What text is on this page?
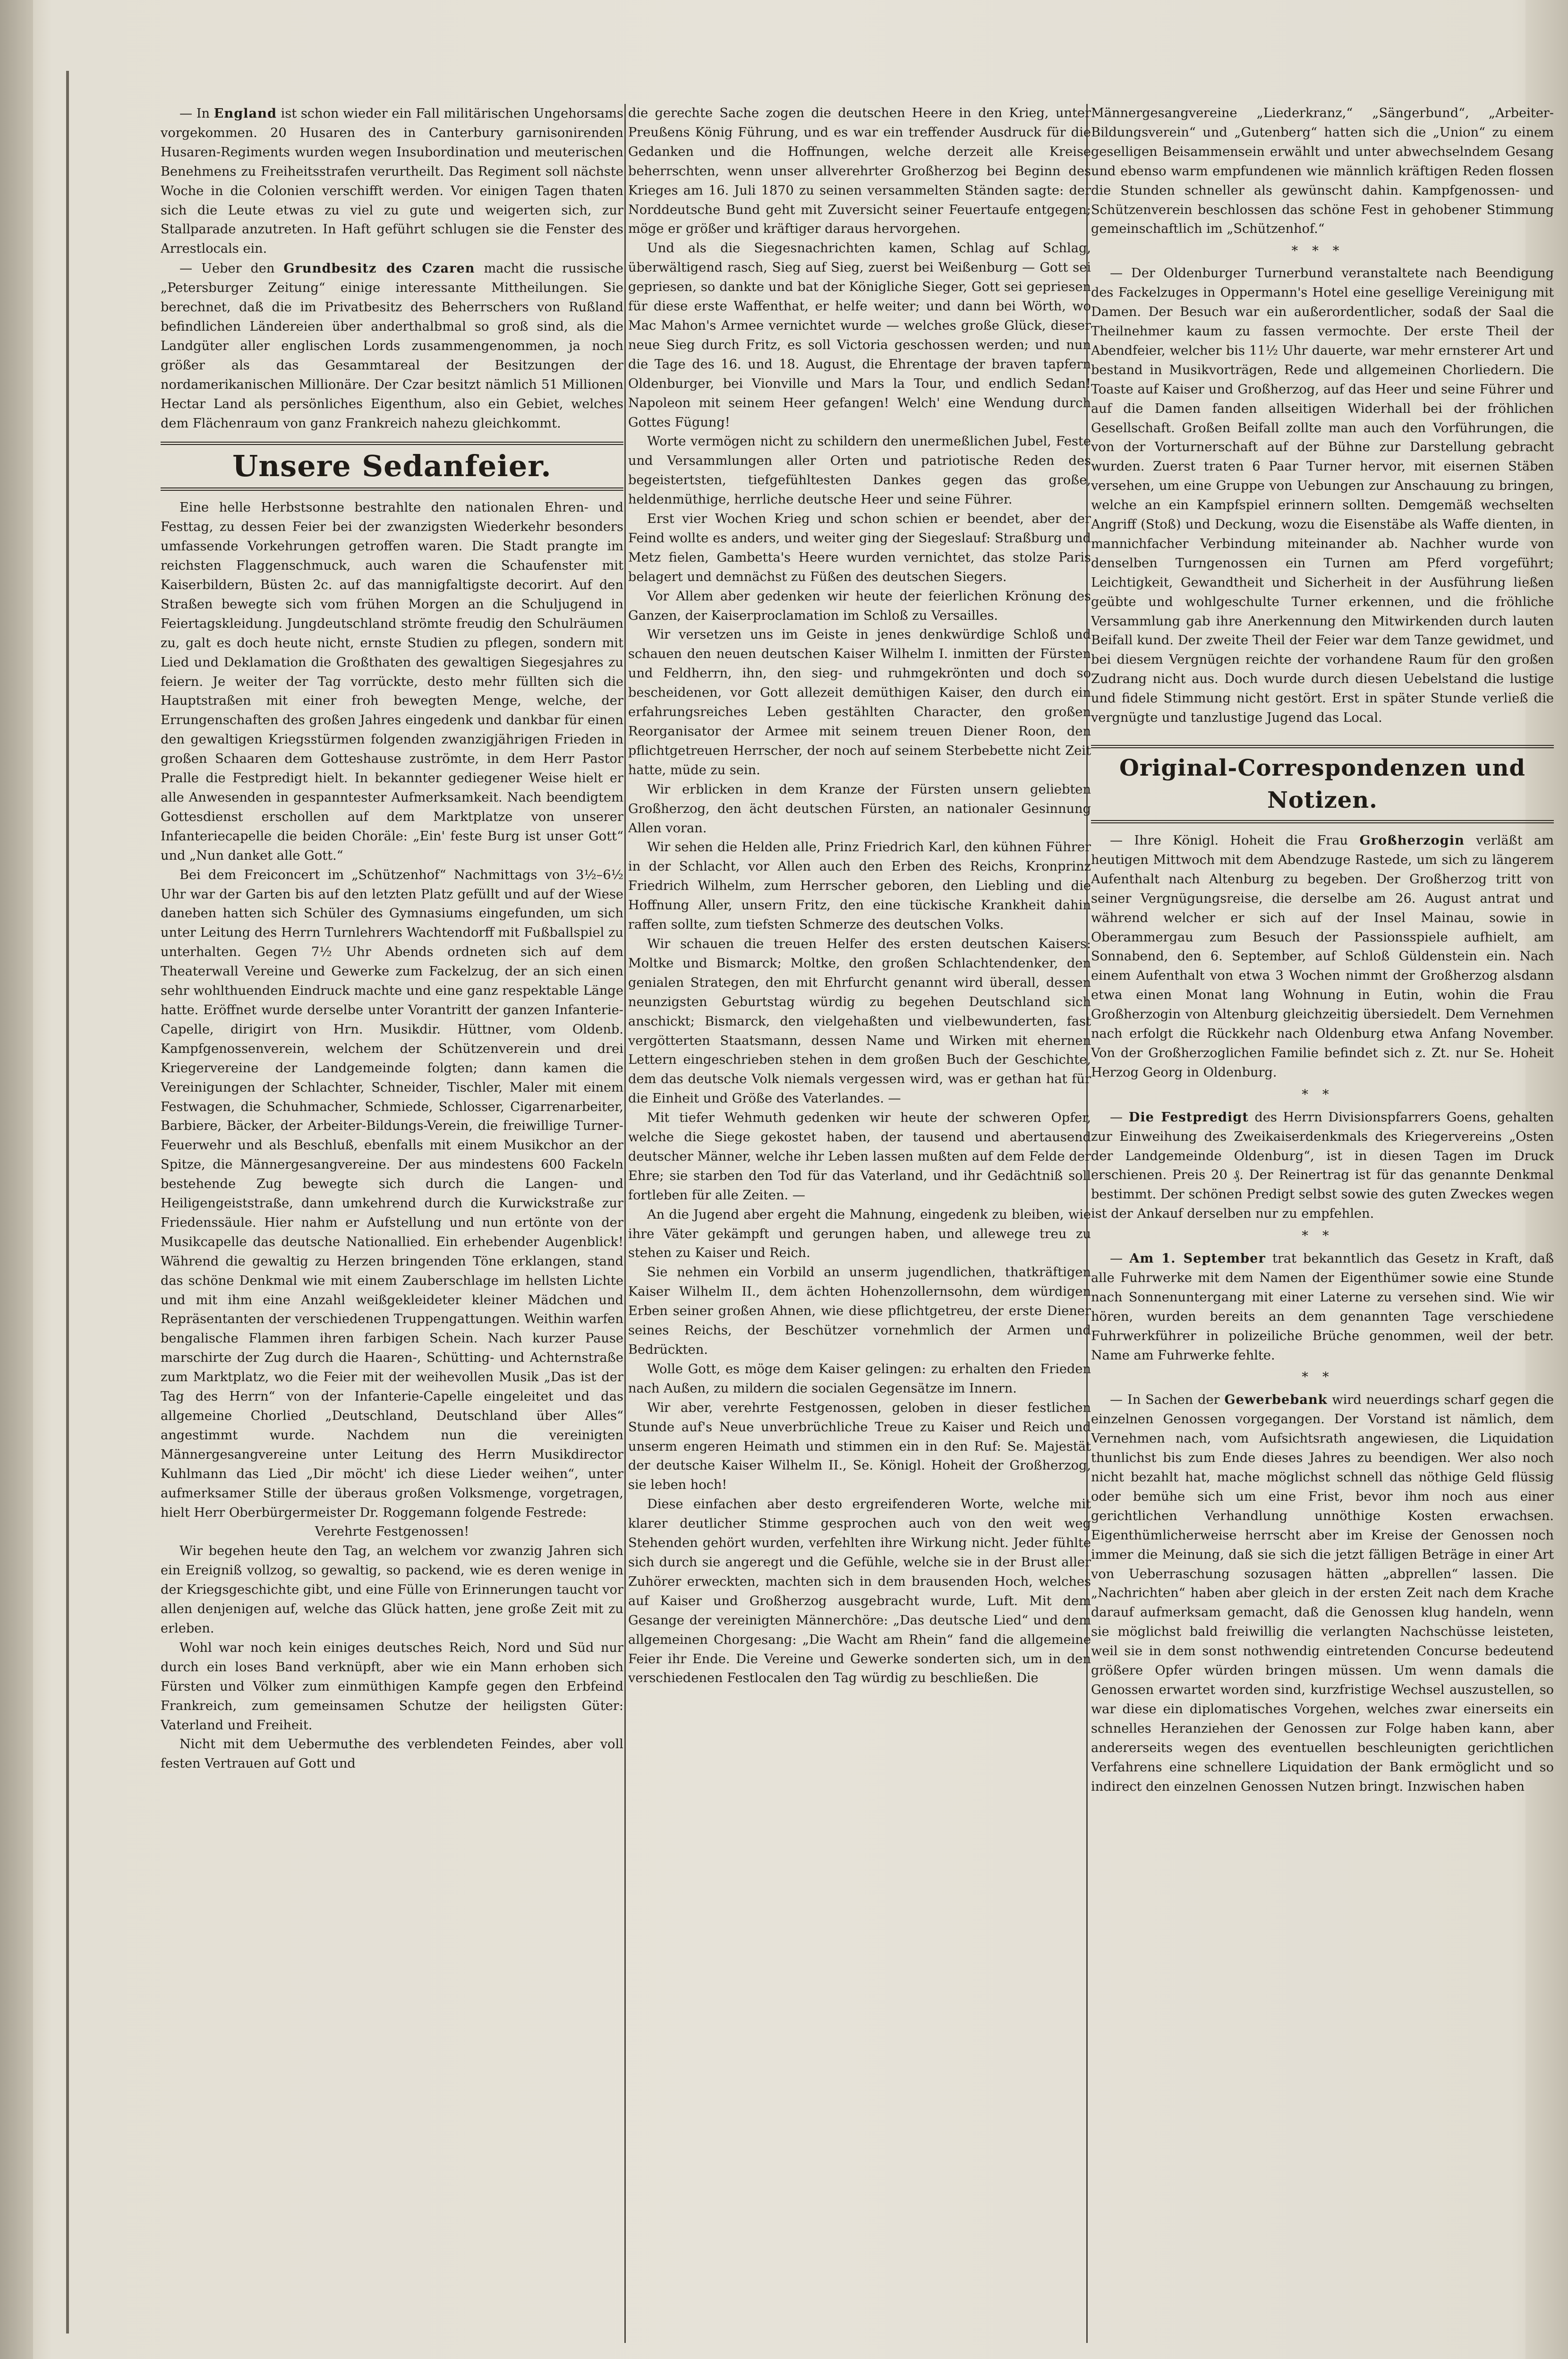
— In England ist schon wieder ein Fall militärischen Ungehorsams vorgekommen. 20 Husaren des in Canterbury garnisonirenden Husaren-Regiments wurden wegen Insubordination und meuterischen Benehmens zu Freiheitsstrafen verurtheilt. Das Regiment soll nächste Woche in die Colonien verschifft werden. Vor einigen Tagen thaten sich die Leute etwas zu viel zu gute und weigerten sich, zur Stallparade anzutreten. In Haft geführt schlugen sie die Fenster des Arrestlocals ein.

— Ueber den Grundbesitz des Czaren macht die russische „Petersburger Zeitung“ einige interessante Mittheilungen. Sie berechnet, daß die im Privatbesitz des Beherrschers von Rußland befindlichen Ländereien über anderthalbmal so groß sind, als die Landgüter aller englischen Lords zusammengenommen, ja noch größer als das Gesammtareal der Besitzungen der nordamerikanischen Millionäre. Der Czar besitzt nämlich 51 Millionen Hectar Land als persönliches Eigenthum, also ein Gebiet, welches dem Flächenraum von ganz Frankreich nahezu gleichkommt.

Unsere Sedanfeier.

Eine helle Herbstsonne bestrahlte den nationalen Ehren- und Festtag, zu dessen Feier bei der zwanzigsten Wiederkehr besonders umfassende Vorkehrungen getroffen waren. Die Stadt prangte im reichsten Flaggenschmuck, auch waren die Schaufenster mit Kaiserbildern, Büsten 2c. auf das mannigfaltigste decorirt. Auf den Straßen bewegte sich vom frühen Morgen an die Schuljugend in Feiertagskleidung. Jungdeutschland strömte freudig den Schulräumen zu, galt es doch heute nicht, ernste Studien zu pflegen, sondern mit Lied und Deklamation die Großthaten des gewaltigen Siegesjahres zu feiern. Je weiter der Tag vorrückte, desto mehr füllten sich die Hauptstraßen mit einer froh bewegten Menge, welche, der Errungenschaften des großen Jahres eingedenk und dankbar für einen den gewaltigen Kriegsstürmen folgenden zwanzigjährigen Frieden in großen Schaaren dem Gotteshause zuströmte, in dem Herr Pastor Pralle die Festpredigt hielt. In bekannter gediegener Weise hielt er alle Anwesenden in gespanntester Aufmerksamkeit. Nach beendigtem Gottesdienst erschollen auf dem Marktplatze von unserer Infanteriecapelle die beiden Choräle: „Ein' feste Burg ist unser Gott“ und „Nun danket alle Gott.“

Bei dem Freiconcert im „Schützenhof“ Nachmittags von 3½–6½ Uhr war der Garten bis auf den letzten Platz gefüllt und auf der Wiese daneben hatten sich Schüler des Gymnasiums eingefunden, um sich unter Leitung des Herrn Turnlehrers Wachtendorff mit Fußballspiel zu unterhalten. Gegen 7½ Uhr Abends ordneten sich auf dem Theaterwall Vereine und Gewerke zum Fackelzug, der an sich einen sehr wohlthuenden Eindruck machte und eine ganz respektable Länge hatte. Eröffnet wurde derselbe unter Vorantritt der ganzen Infanterie-Capelle, dirigirt von Hrn. Musikdir. Hüttner, vom Oldenb. Kampfgenossenverein, welchem der Schützenverein und drei Kriegervereine der Landgemeinde folgten; dann kamen die Vereinigungen der Schlachter, Schneider, Tischler, Maler mit einem Festwagen, die Schuhmacher, Schmiede, Schlosser, Cigarrenarbeiter, Barbiere, Bäcker, der Arbeiter-Bildungs-Verein, die freiwillige Turner-Feuerwehr und als Beschluß, ebenfalls mit einem Musikchor an der Spitze, die Männergesangvereine. Der aus mindestens 600 Fackeln bestehende Zug bewegte sich durch die Langen- und Heiligengeiststraße, dann umkehrend durch die Kurwickstraße zur Friedenssäule. Hier nahm er Aufstellung und nun ertönte von der Musikcapelle das deutsche Nationallied. Ein erhebender Augenblick! Während die gewaltig zu Herzen bringenden Töne erklangen, stand das schöne Denkmal wie mit einem Zauberschlage im hellsten Lichte und mit ihm eine Anzahl weißgekleideter kleiner Mädchen und Repräsentanten der verschiedenen Truppengattungen. Weithin warfen bengalische Flammen ihren farbigen Schein. Nach kurzer Pause marschirte der Zug durch die Haaren-, Schütting- und Achternstraße zum Marktplatz, wo die Feier mit der weihevollen Musik „Das ist der Tag des Herrn“ von der Infanterie-Capelle eingeleitet und das allgemeine Chorlied „Deutschland, Deutschland über Alles“ angestimmt wurde. Nachdem nun die vereinigten Männergesangvereine unter Leitung des Herrn Musikdirector Kuhlmann das Lied „Dir möcht' ich diese Lieder weihen“, unter aufmerksamer Stille der überaus großen Volksmenge, vorgetragen, hielt Herr Oberbürgermeister Dr. Roggemann folgende Festrede:

Verehrte Festgenossen!

Wir begehen heute den Tag, an welchem vor zwanzig Jahren sich ein Ereigniß vollzog, so gewaltig, so packend, wie es deren wenige in der Kriegsgeschichte gibt, und eine Fülle von Erinnerungen taucht vor allen denjenigen auf, welche das Glück hatten, jene große Zeit mit zu erleben.

Wohl war noch kein einiges deutsches Reich, Nord und Süd nur durch ein loses Band verknüpft, aber wie ein Mann erhoben sich Fürsten und Völker zum einmüthigen Kampfe gegen den Erbfeind Frankreich, zum gemeinsamen Schutze der heiligsten Güter: Vaterland und Freiheit.

Nicht mit dem Uebermuthe des verblendeten Feindes, aber voll festen Vertrauen auf Gott und

die gerechte Sache zogen die deutschen Heere in den Krieg, unter Preußens König Führung, und es war ein treffender Ausdruck für die Gedanken und die Hoffnungen, welche derzeit alle Kreise beherrschten, wenn unser allverehrter Großherzog bei Beginn des Krieges am 16. Juli 1870 zu seinen versammelten Ständen sagte: der Norddeutsche Bund geht mit Zuversicht seiner Feuertaufe entgegen; möge er größer und kräftiger daraus hervorgehen.

Und als die Siegesnachrichten kamen, Schlag auf Schlag, überwältigend rasch, Sieg auf Sieg, zuerst bei Weißenburg — Gott sei gepriesen, so dankte und bat der Königliche Sieger, Gott sei gepriesen für diese erste Waffenthat, er helfe weiter; und dann bei Wörth, wo Mac Mahon's Armee vernichtet wurde — welches große Glück, dieser neue Sieg durch Fritz, es soll Victoria geschossen werden; und nun die Tage des 16. und 18. August, die Ehrentage der braven tapfern Oldenburger, bei Vionville und Mars la Tour, und endlich Sedan! Napoleon mit seinem Heer gefangen! Welch' eine Wendung durch Gottes Fügung!

Worte vermögen nicht zu schildern den unermeßlichen Jubel, Feste und Versammlungen aller Orten und patriotische Reden des begeistertsten, tiefgefühltesten Dankes gegen das große, heldenmüthige, herrliche deutsche Heer und seine Führer.

Erst vier Wochen Krieg und schon schien er beendet, aber der Feind wollte es anders, und weiter ging der Siegeslauf: Straßburg und Metz fielen, Gambetta's Heere wurden vernichtet, das stolze Paris belagert und demnächst zu Füßen des deutschen Siegers.

Vor Allem aber gedenken wir heute der feierlichen Krönung des Ganzen, der Kaiserproclamation im Schloß zu Versailles.

Wir versetzen uns im Geiste in jenes denkwürdige Schloß und schauen den neuen deutschen Kaiser Wilhelm I. inmitten der Fürsten und Feldherrn, ihn, den sieg- und ruhmgekrönten und doch so bescheidenen, vor Gott allezeit demüthigen Kaiser, den durch ein erfahrungsreiches Leben gestählten Character, den großen Reorganisator der Armee mit seinem treuen Diener Roon, den pflichtgetreuen Herrscher, der noch auf seinem Sterbebette nicht Zeit hatte, müde zu sein.

Wir erblicken in dem Kranze der Fürsten unsern geliebten Großherzog, den ächt deutschen Fürsten, an nationaler Gesinnung Allen voran.

Wir sehen die Helden alle, Prinz Friedrich Karl, den kühnen Führer in der Schlacht, vor Allen auch den Erben des Reichs, Kronprinz Friedrich Wilhelm, zum Herrscher geboren, den Liebling und die Hoffnung Aller, unsern Fritz, den eine tückische Krankheit dahin raffen sollte, zum tiefsten Schmerze des deutschen Volks.

Wir schauen die treuen Helfer des ersten deutschen Kaisers: Moltke und Bismarck; Moltke, den großen Schlachtendenker, den genialen Strategen, den mit Ehrfurcht genannt wird überall, dessen neunzigsten Geburtstag würdig zu begehen Deutschland sich anschickt; Bismarck, den vielgehaßten und vielbewunderten, fast vergötterten Staatsmann, dessen Name und Wirken mit ehernen Lettern eingeschrieben stehen in dem großen Buch der Geschichte, dem das deutsche Volk niemals vergessen wird, was er gethan hat für die Einheit und Größe des Vaterlandes. —

Mit tiefer Wehmuth gedenken wir heute der schweren Opfer, welche die Siege gekostet haben, der tausend und abertausend deutscher Männer, welche ihr Leben lassen mußten auf dem Felde der Ehre; sie starben den Tod für das Vaterland, und ihr Gedächtniß soll fortleben für alle Zeiten. —

An die Jugend aber ergeht die Mahnung, eingedenk zu bleiben, wie ihre Väter gekämpft und gerungen haben, und allewege treu zu stehen zu Kaiser und Reich.

Sie nehmen ein Vorbild an unserm jugendlichen, thatkräftigen Kaiser Wilhelm II., dem ächten Hohenzollernsohn, dem würdigen Erben seiner großen Ahnen, wie diese pflichtgetreu, der erste Diener seines Reichs, der Beschützer vornehmlich der Armen und Bedrückten.

Wolle Gott, es möge dem Kaiser gelingen: zu erhalten den Frieden nach Außen, zu mildern die socialen Gegensätze im Innern.

Wir aber, verehrte Festgenossen, geloben in dieser festlichen Stunde auf's Neue unverbrüchliche Treue zu Kaiser und Reich und unserm engeren Heimath und stimmen ein in den Ruf: Se. Majestät der deutsche Kaiser Wilhelm II., Se. Königl. Hoheit der Großherzog, sie leben hoch!

Diese einfachen aber desto ergreifenderen Worte, welche mit klarer deutlicher Stimme gesprochen auch von den weit weg Stehenden gehört wurden, verfehlten ihre Wirkung nicht. Jeder fühlte sich durch sie angeregt und die Gefühle, welche sie in der Brust aller Zuhörer erweckten, machten sich in dem brausenden Hoch, welches auf Kaiser und Großherzog ausgebracht wurde, Luft. Mit dem Gesange der vereinigten Männerchöre: „Das deutsche Lied“ und dem allgemeinen Chorgesang: „Die Wacht am Rhein“ fand die allgemeine Feier ihr Ende. Die Vereine und Gewerke sonderten sich, um in den verschiedenen Festlocalen den Tag würdig zu beschließen. Die

Männergesangvereine „Liederkranz,“ „Sängerbund“, „Arbeiter-Bildungsverein“ und „Gutenberg“ hatten sich die „Union“ zu einem geselligen Beisammensein erwählt und unter abwechselndem Gesang und ebenso warm empfundenen wie männlich kräftigen Reden flossen die Stunden schneller als gewünscht dahin. Kampfgenossen- und Schützenverein beschlossen das schöne Fest in gehobener Stimmung gemeinschaftlich im „Schützenhof.“

*​*​*

— Der Oldenburger Turnerbund veranstaltete nach Beendigung des Fackelzuges in Oppermann's Hotel eine gesellige Vereinigung mit Damen. Der Besuch war ein außerordentlicher, sodaß der Saal die Theilnehmer kaum zu fassen vermochte. Der erste Theil der Abendfeier, welcher bis 11½ Uhr dauerte, war mehr ernsterer Art und bestand in Musikvorträgen, Rede und allgemeinen Chorliedern. Die Toaste auf Kaiser und Großherzog, auf das Heer und seine Führer und auf die Damen fanden allseitigen Widerhall bei der fröhlichen Gesellschaft. Großen Beifall zollte man auch den Vorführungen, die von der Vorturnerschaft auf der Bühne zur Darstellung gebracht wurden. Zuerst traten 6 Paar Turner hervor, mit eisernen Stäben versehen, um eine Gruppe von Uebungen zur Anschauung zu bringen, welche an ein Kampfspiel erinnern sollten. Demgemäß wechselten Angriff (Stoß) und Deckung, wozu die Eisenstäbe als Waffe dienten, in mannichfacher Verbindung miteinander ab. Nachher wurde von denselben Turngenossen ein Turnen am Pferd vorgeführt; Leichtigkeit, Gewandtheit und Sicherheit in der Ausführung ließen geübte und wohlgeschulte Turner erkennen, und die fröhliche Versammlung gab ihre Anerkennung den Mitwirkenden durch lauten Beifall kund. Der zweite Theil der Feier war dem Tanze gewidmet, und bei diesem Vergnügen reichte der vorhandene Raum für den großen Zudrang nicht aus. Doch wurde durch diesen Uebelstand die lustige und fidele Stimmung nicht gestört. Erst in später Stunde verließ die vergnügte und tanzlustige Jugend das Local.

Original-Correspondenzen und Notizen.

— Ihre Königl. Hoheit die Frau Großherzogin verläßt am heutigen Mittwoch mit dem Abendzuge Rastede, um sich zu längerem Aufenthalt nach Altenburg zu begeben. Der Großherzog tritt von seiner Vergnügungsreise, die derselbe am 26. August antrat und während welcher er sich auf der Insel Mainau, sowie in Oberammergau zum Besuch der Passionsspiele aufhielt, am Sonnabend, den 6. September, auf Schloß Güldenstein ein. Nach einem Aufenthalt von etwa 3 Wochen nimmt der Großherzog alsdann etwa einen Monat lang Wohnung in Eutin, wohin die Frau Großherzogin von Altenburg gleichzeitig übersiedelt. Dem Vernehmen nach erfolgt die Rückkehr nach Oldenburg etwa Anfang November. Von der Großherzoglichen Familie befindet sich z. Zt. nur Se. Hoheit Herzog Georg in Oldenburg.

*​*

— Die Festpredigt des Herrn Divisionspfarrers Goens, gehalten zur Einweihung des Zweikaiserdenkmals des Kriegervereins „Osten der Landgemeinde Oldenburg“, ist in diesen Tagen im Druck erschienen. Preis 20 ₰. Der Reinertrag ist für das genannte Denkmal bestimmt. Der schönen Predigt selbst sowie des guten Zweckes wegen ist der Ankauf derselben nur zu empfehlen.

*​*

— Am 1. September trat bekanntlich das Gesetz in Kraft, daß alle Fuhrwerke mit dem Namen der Eigenthümer sowie eine Stunde nach Sonnenuntergang mit einer Laterne zu versehen sind. Wie wir hören, wurden bereits an dem genannten Tage verschiedene Fuhrwerkführer in polizeiliche Brüche genommen, weil der betr. Name am Fuhrwerke fehlte.

*​*

— In Sachen der Gewerbebank wird neuerdings scharf gegen die einzelnen Genossen vorgegangen. Der Vorstand ist nämlich, dem Vernehmen nach, vom Aufsichtsrath angewiesen, die Liquidation thunlichst bis zum Ende dieses Jahres zu beendigen. Wer also noch nicht bezahlt hat, mache möglichst schnell das nöthige Geld flüssig oder bemühe sich um eine Frist, bevor ihm noch aus einer gerichtlichen Verhandlung unnöthige Kosten erwachsen. Eigenthümlicherweise herrscht aber im Kreise der Genossen noch immer die Meinung, daß sie sich die jetzt fälligen Beträge in einer Art von Ueberraschung sozusagen hätten „abprellen“ lassen. Die „Nachrichten“ haben aber gleich in der ersten Zeit nach dem Krache darauf aufmerksam gemacht, daß die Genossen klug handeln, wenn sie möglichst bald freiwillig die verlangten Nachschüsse leisteten, weil sie in dem sonst nothwendig eintretenden Concurse bedeutend größere Opfer würden bringen müssen. Um wenn damals die Genossen erwartet worden sind, kurzfristige Wechsel auszustellen, so war diese ein diplomatisches Vorgehen, welches zwar einerseits ein schnelles Heranziehen der Genossen zur Folge haben kann, aber andererseits wegen des eventuellen beschleunigten gerichtlichen Verfahrens eine schnellere Liquidation der Bank ermöglicht und so indirect den einzelnen Genossen Nutzen bringt. Inzwischen haben
